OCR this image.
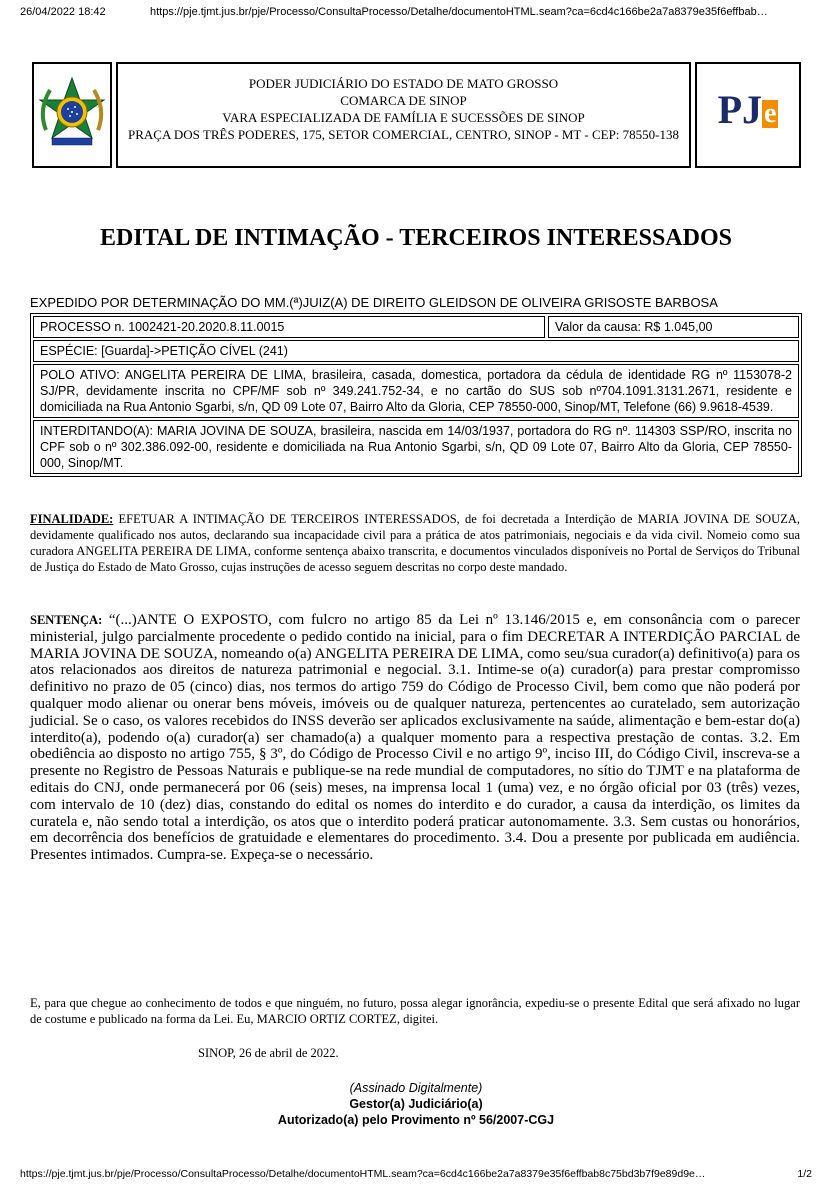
26/04/2022 18:42	https://pje.tjmt.jus.br/pje/Processo/ConsultaProcesso/Detalhe/documentoHTML.seam?ca=6cd4c166be2a7a8379e35f6effbab…
PODER JUDICIÁRIO DO ESTADO DE MATO GROSSO
COMARCA DE SINOP
VARA ESPECIALIZADA DE FAMÍLIA E SUCESSÕES DE SINOP
PRAÇA DOS TRÊS PODERES, 175, SETOR COMERCIAL, CENTRO, SINOP - MT - CEP: 78550-138
PJe
EDITAL DE INTIMAÇÃO - TERCEIROS INTERESSADOS
EXPEDIDO POR DETERMINAÇÃO DO MM.(ª)JUIZ(A) DE DIREITO GLEIDSON DE OLIVEIRA GRISOSTE BARBOSA
PROCESSO n. 1002421-20.2020.8.11.0015	Valor da causa: R$ 1.045,00
ESPÉCIE: [Guarda]->PETIÇÃO CÍVEL (241)
POLO ATIVO: ANGELITA PEREIRA DE LIMA, brasileira, casada, domestica, portadora da cédula de identidade RG nº 1153078-2 SJ/PR, devidamente inscrita no CPF/MF sob nº 349.241.752-34, e no cartão do SUS sob nº704.1091.3131.2671, residente e domiciliada na Rua Antonio Sgarbi, s/n, QD 09 Lote 07, Bairro Alto da Gloria, CEP 78550-000, Sinop/MT, Telefone (66) 9.9618-4539.
INTERDITANDO(A): MARIA JOVINA DE SOUZA, brasileira, nascida em 14/03/1937, portadora do RG nº. 114303 SSP/RO, inscrita no CPF sob o nº 302.386.092-00, residente e domiciliada na Rua Antonio Sgarbi, s/n, QD 09 Lote 07, Bairro Alto da Gloria, CEP 78550-000, Sinop/MT.
FINALIDADE: EFETUAR A INTIMAÇÃO DE TERCEIROS INTERESSADOS, de foi decretada a Interdição de MARIA JOVINA DE SOUZA, devidamente qualificado nos autos, declarando sua incapacidade civil para a prática de atos patrimoniais, negociais e da vida civil. Nomeio como sua curadora ANGELITA PEREIRA DE LIMA, conforme sentença abaixo transcrita, e documentos vinculados disponíveis no Portal de Serviços do Tribunal de Justiça do Estado de Mato Grosso, cujas instruções de acesso seguem descritas no corpo deste mandado.
SENTENÇA: “(...)ANTE O EXPOSTO, com fulcro no artigo 85 da Lei nº 13.146/2015 e, em consonância com o parecer ministerial, julgo parcialmente procedente o pedido contido na inicial, para o fim DECRETAR A INTERDIÇÃO PARCIAL de MARIA JOVINA DE SOUZA, nomeando o(a) ANGELITA PEREIRA DE LIMA, como seu/sua curador(a) definitivo(a) para os atos relacionados aos direitos de natureza patrimonial e negocial. 3.1. Intime-se o(a) curador(a) para prestar compromisso definitivo no prazo de 05 (cinco) dias, nos termos do artigo 759 do Código de Processo Civil, bem como que não poderá por qualquer modo alienar ou onerar bens móveis, imóveis ou de qualquer natureza, pertencentes ao curatelado, sem autorização judicial. Se o caso, os valores recebidos do INSS deverão ser aplicados exclusivamente na saúde, alimentação e bem-estar do(a) interdito(a), podendo o(a) curador(a) ser chamado(a) a qualquer momento para a respectiva prestação de contas. 3.2. Em obediência ao disposto no artigo 755, § 3º, do Código de Processo Civil e no artigo 9º, inciso III, do Código Civil, inscreva-se a presente no Registro de Pessoas Naturais e publique-se na rede mundial de computadores, no sítio do TJMT e na plataforma de editais do CNJ, onde permanecerá por 06 (seis) meses, na imprensa local 1 (uma) vez, e no órgão oficial por 03 (três) vezes, com intervalo de 10 (dez) dias, constando do edital os nomes do interdito e do curador, a causa da interdição, os limites da curatela e, não sendo total a interdição, os atos que o interdito poderá praticar autonomamente. 3.3. Sem custas ou honorários, em decorrência dos benefícios de gratuidade e elementares do procedimento. 3.4. Dou a presente por publicada em audiência. Presentes intimados. Cumpra-se. Expeça-se o necessário.
E, para que chegue ao conhecimento de todos e que ninguém, no futuro, possa alegar ignorância, expediu-se o presente Edital que será afixado no lugar de costume e publicado na forma da Lei. Eu, MARCIO ORTIZ CORTEZ, digitei.
SINOP, 26 de abril de 2022.
(Assinado Digitalmente)
Gestor(a) Judiciário(a)
Autorizado(a) pelo Provimento nº 56/2007-CGJ
https://pje.tjmt.jus.br/pje/Processo/ConsultaProcesso/Detalhe/documentoHTML.seam?ca=6cd4c166be2a7a8379e35f6effbab8c75bd3b7f9e89d9e…	1/2
